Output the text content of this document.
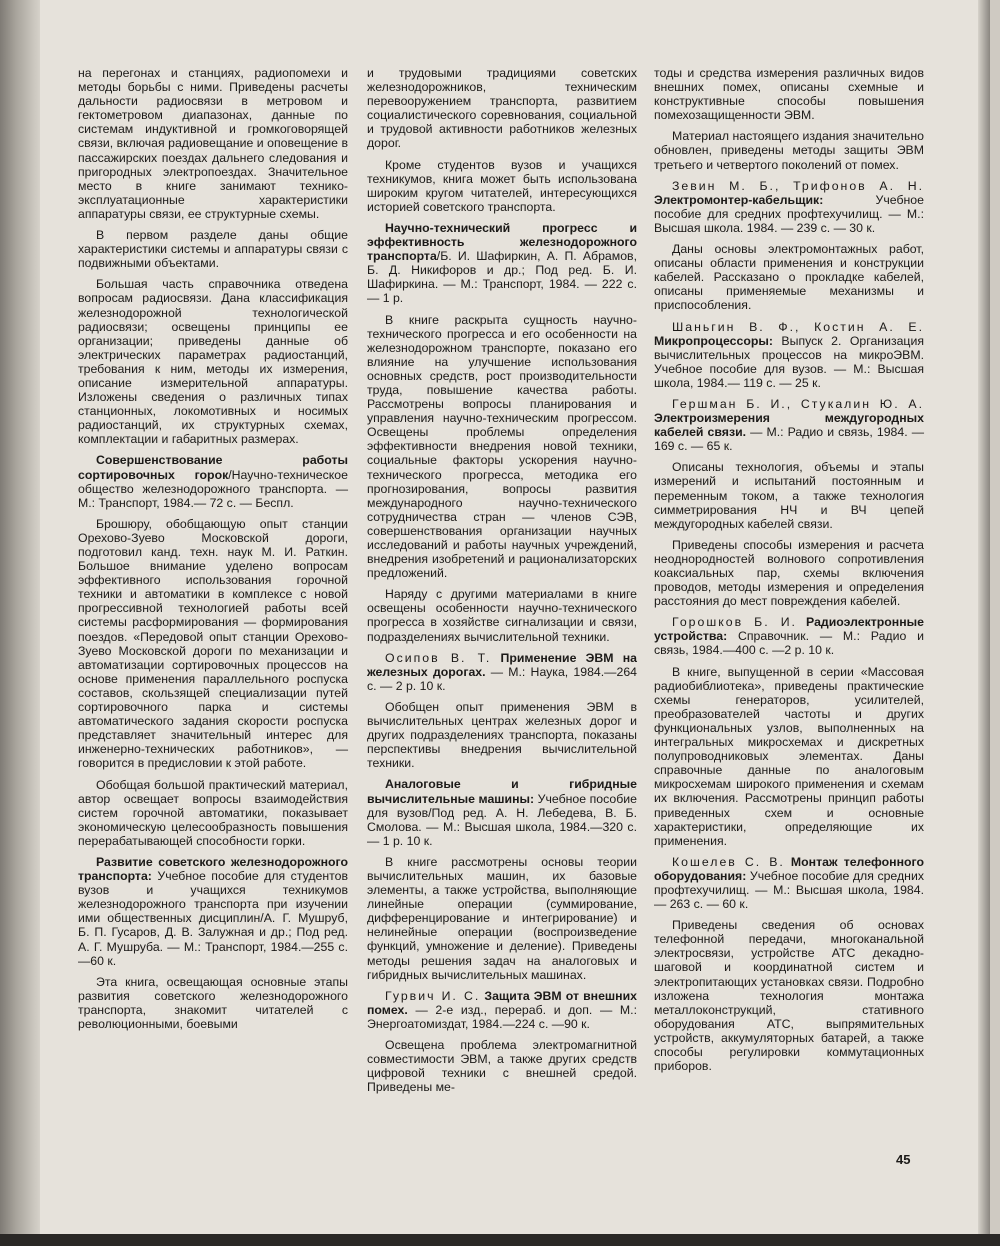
на перегонах и станциях, радиопомехи и методы борьбы с ними. Приведены расчеты дальности радиосвязи в метровом и гектометровом диапазонах, данные по системам индуктивной и громкоговорящей связи, включая радиовещание и оповещение в пассажирских поездах дальнего следования и пригородных электропоездах. Значительное место в книге занимают технико-эксплуатационные характеристики аппаратуры связи, ее структурные схемы.

В первом разделе даны общие характеристики системы и аппаратуры связи с подвижными объектами.

Большая часть справочника отведена вопросам радиосвязи. Дана классификация железнодорожной технологической радиосвязи; освещены принципы ее организации; приведены данные об электрических параметрах радиостанций, требования к ним, методы их измерения, описание измерительной аппаратуры. Изложены сведения о различных типах станционных, локомотивных и носимых радиостанций, их структурных схемах, комплектации и габаритных размерах.

Совершенствование работы сортировочных горок/Научно-техническое общество железнодорожного транспорта. — М.: Транспорт, 1984.— 72 с. — Беспл.

Брошюру, обобщающую опыт станции Орехово-Зуево Московской дороги, подготовил канд. техн. наук М. И. Раткин. Большое внимание уделено вопросам эффективного использования горочной техники и автоматики в комплексе с новой прогрессивной технологией работы всей системы расформирования — формирования поездов. «Передовой опыт станции Орехово-Зуево Московской дороги по механизации и автоматизации сортировочных процессов на основе применения параллельного роспуска составов, скользящей специализации путей сортировочного парка и системы автоматического задания скорости роспуска представляет значительный интерес для инженерно-технических работников», — говорится в предисловии к этой работе.

Обобщая большой практический материал, автор освещает вопросы взаимодействия систем горочной автоматики, показывает экономическую целесообразность повышения перерабатывающей способности горки.

Развитие советского железнодорожного транспорта: Учебное пособие для студентов вузов и учащихся техникумов железнодорожного транспорта при изучении ими общественных дисциплин/А. Г. Мушруб, Б. П. Гусаров, Д. В. Залужная и др.; Под ред. А. Г. Мушруба. — М.: Транспорт, 1984.—255 с. —60 к.

Эта книга, освещающая основные этапы развития советского железнодорожного транспорта, знакомит читателей с революционными, боевыми

и трудовыми традициями советских железнодорожников, техническим перевооружением транспорта, развитием социалистического соревнования, социальной и трудовой активности работников железных дорог.

Кроме студентов вузов и учащихся техникумов, книга может быть использована широким кругом читателей, интересующихся историей советского транспорта.

Научно-технический прогресс и эффективность железнодорожного транспорта/Б. И. Шафиркин, А. П. Абрамов, Б. Д. Никифоров и др.; Под ред. Б. И. Шафиркина. — М.: Транспорт, 1984. — 222 с. — 1 р.

В книге раскрыта сущность научно-технического прогресса и его особенности на железнодорожном транспорте, показано его влияние на улучшение использования основных средств, рост производительности труда, повышение качества работы. Рассмотрены вопросы планирования и управления научно-техническим прогрессом. Освещены проблемы определения эффективности внедрения новой техники, социальные факторы ускорения научно-технического прогресса, методика его прогнозирования, вопросы развития международного научно-технического сотрудничества стран — членов СЭВ, совершенствования организации научных исследований и работы научных учреждений, внедрения изобретений и рационализаторских предложений.

Наряду с другими материалами в книге освещены особенности научно-технического прогресса в хозяйстве сигнализации и связи, подразделениях вычислительной техники.

Осипов В. Т. Применение ЭВМ на железных дорогах. — М.: Наука, 1984.—264 с. — 2 р. 10 к.

Обобщен опыт применения ЭВМ в вычислительных центрах железных дорог и других подразделениях транспорта, показаны перспективы внедрения вычислительной техники.

Аналоговые и гибридные вычислительные машины: Учебное пособие для вузов/Под ред. А. Н. Лебедева, В. Б. Смолова. — М.: Высшая школа, 1984.—320 с. — 1 р. 10 к.

В книге рассмотрены основы теории вычислительных машин, их базовые элементы, а также устройства, выполняющие линейные операции (суммирование, дифференцирование и интегрирование) и нелинейные операции (воспроизведение функций, умножение и деление). Приведены методы решения задач на аналоговых и гибридных вычислительных машинах.

Гурвич И. С. Защита ЭВМ от внешних помех. — 2-е изд., перераб. и доп. — М.: Энергоатомиздат, 1984.—224 с. —90 к.

Освещена проблема электромагнитной совместимости ЭВМ, а также других средств цифровой техники с внешней средой. Приведены ме-

тоды и средства измерения различных видов внешних помех, описаны схемные и конструктивные способы повышения помехозащищенности ЭВМ.

Материал настоящего издания значительно обновлен, приведены методы защиты ЭВМ третьего и четвертого поколений от помех.

Зевин М. Б., Трифонов А. Н. Электромонтер-кабельщик: Учебное пособие для средних профтехучилищ. — М.: Высшая школа. 1984. — 239 с. — 30 к.

Даны основы электромонтажных работ, описаны области применения и конструкции кабелей. Рассказано о прокладке кабелей, описаны применяемые механизмы и приспособления.

Шаньгин В. Ф., Костин А. Е. Микропроцессоры: Выпуск 2. Организация вычислительных процессов на микроЭВМ. Учебное пособие для вузов. — М.: Высшая школа, 1984.— 119 с. — 25 к.

Гершман Б. И., Стукалин Ю. А. Электроизмерения междугородных кабелей связи. — М.: Радио и связь, 1984. — 169 с. — 65 к.

Описаны технология, объемы и этапы измерений и испытаний постоянным и переменным током, а также технология симметрирования НЧ и ВЧ цепей междугородных кабелей связи.

Приведены способы измерения и расчета неоднородностей волнового сопротивления коаксиальных пар, схемы включения проводов, методы измерения и определения расстояния до мест повреждения кабелей.

Горошков Б. И. Радиоэлектронные устройства: Справочник. — М.: Радио и связь, 1984.—400 с. —2 р. 10 к.

В книге, выпущенной в серии «Массовая радиобиблиотека», приведены практические схемы генераторов, усилителей, преобразователей частоты и других функциональных узлов, выполненных на интегральных микросхемах и дискретных полупроводниковых элементах. Даны справочные данные по аналоговым микросхемам широкого применения и схемам их включения. Рассмотрены принцип работы приведенных схем и основные характеристики, определяющие их применения.

Кошелев С. В. Монтаж телефонного оборудования: Учебное пособие для средних профтехучилищ. — М.: Высшая школа, 1984. — 263 с. — 60 к.

Приведены сведения об основах телефонной передачи, многоканальной электросвязи, устройстве АТС декадно-шаговой и координатной систем и электропитающих установках связи. Подробно изложена технология монтажа металлоконструкций, стативного оборудования АТС, выпрямительных устройств, аккумуляторных батарей, а также способы регулировки коммутационных приборов.

45
